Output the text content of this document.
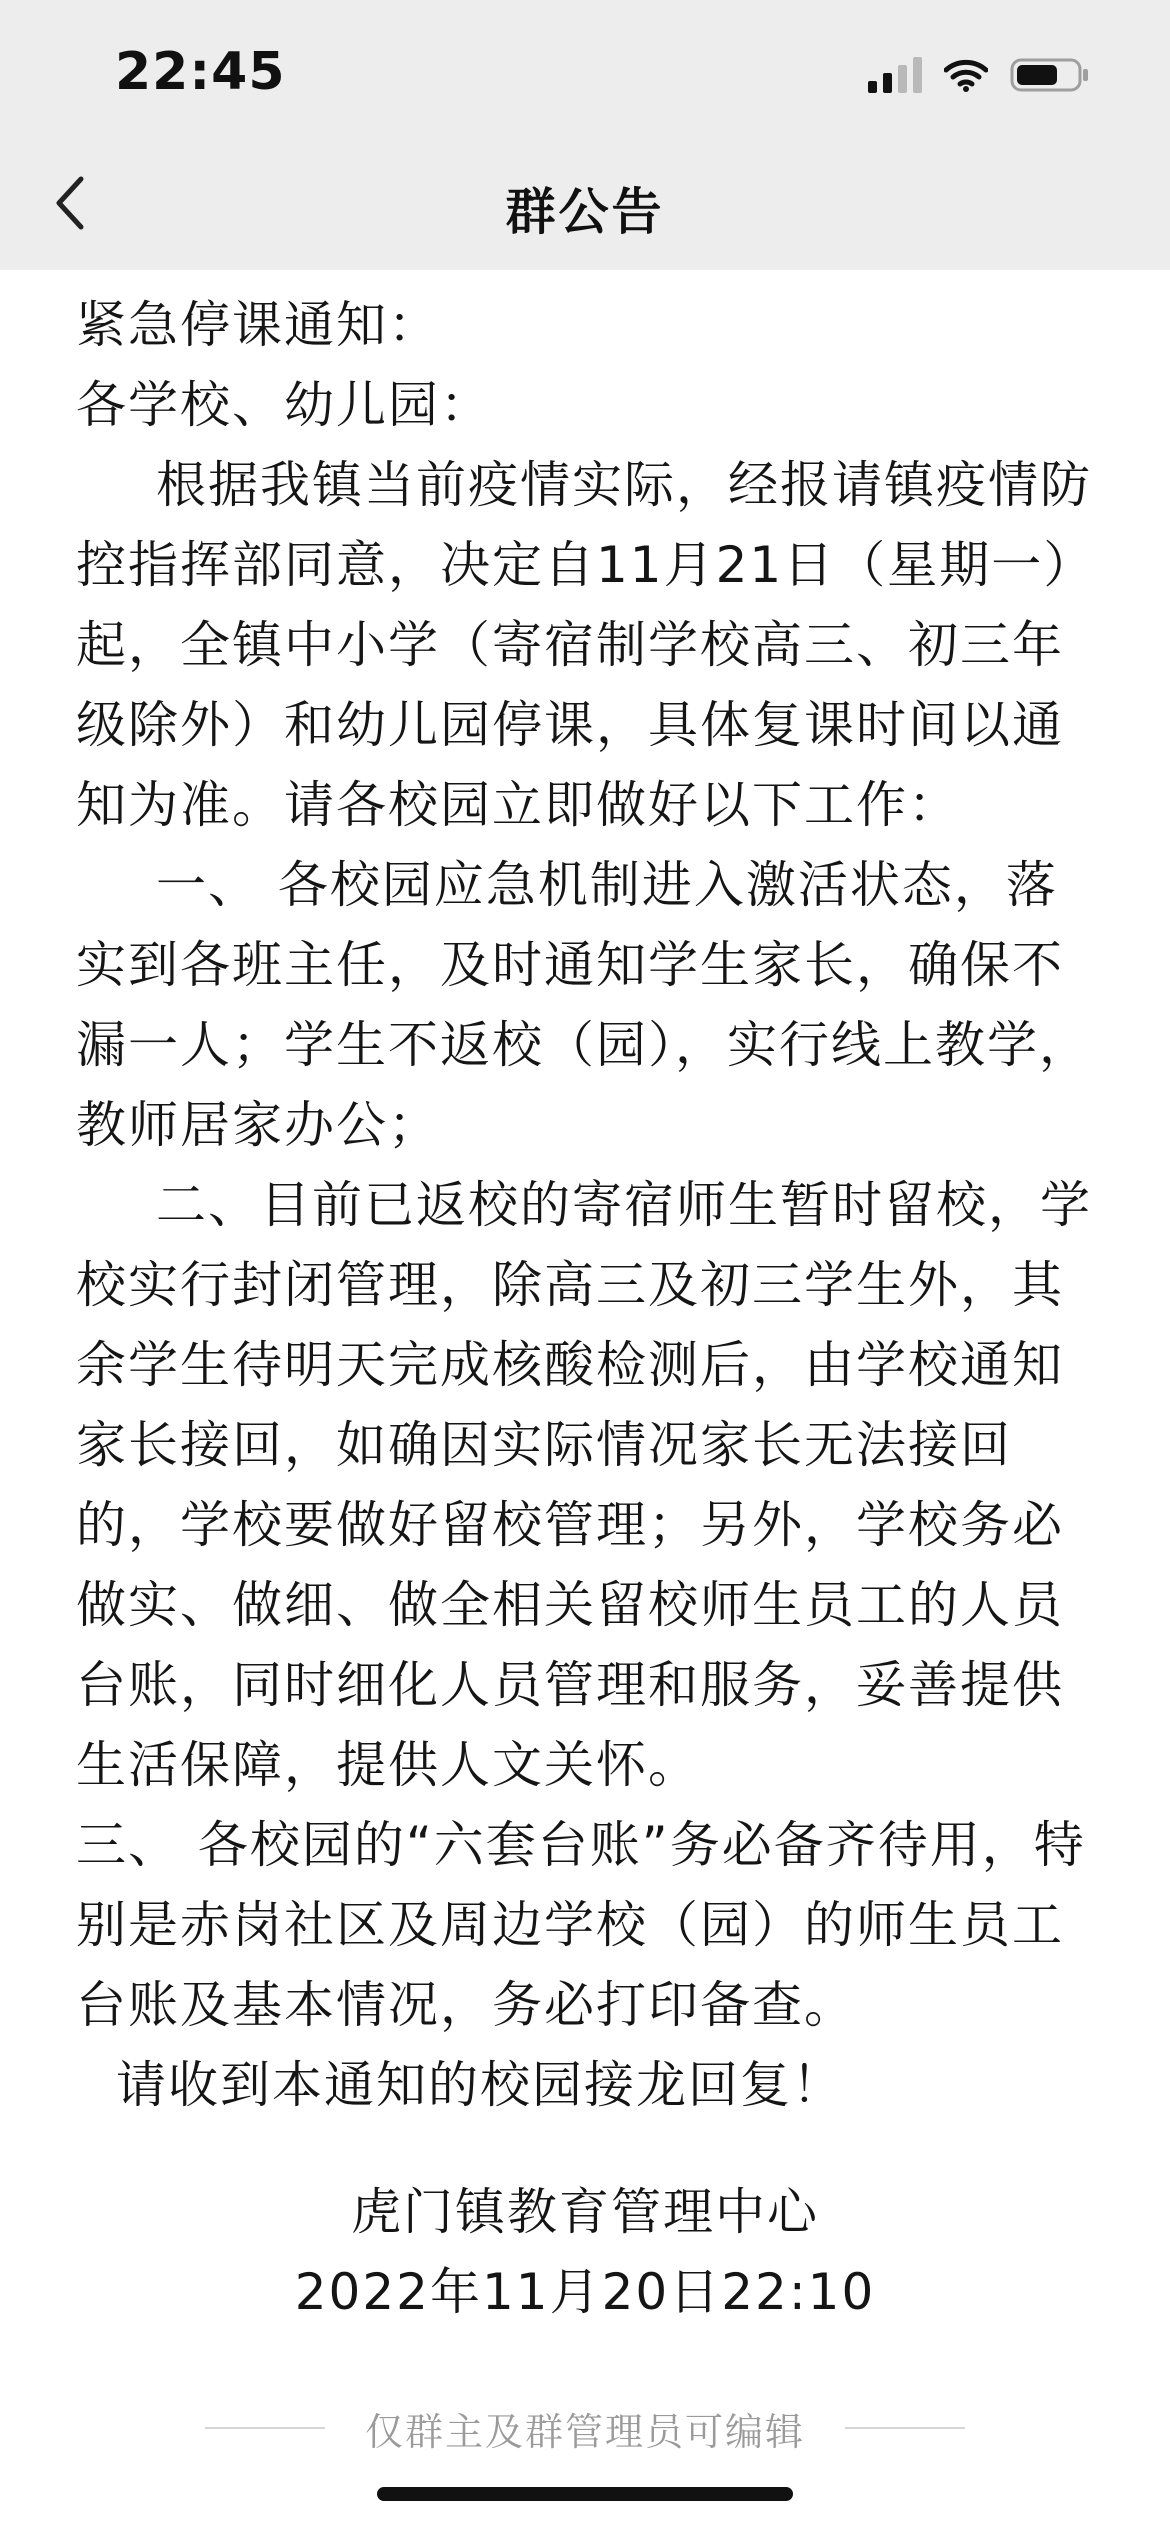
22:45
群公告

紧急停课通知：

各学校、幼儿园：

根据我镇当前疫情实际，经报请镇疫情防控指挥部同意，决定自11月21日（星期一）起，全镇中小学（寄宿制学校高三、初三年级除外）和幼儿园停课，具体复课时间以通知为准。请各校园立即做好以下工作：

一、 各校园应急机制进入激活状态，落实到各班主任，及时通知学生家长，确保不漏一人；学生不返校（园），实行线上教学，教师居家办公；

二、目前已返校的寄宿师生暂时留校，学校实行封闭管理，除高三及初三学生外，其余学生待明天完成核酸检测后，由学校通知家长接回，如确因实际情况家长无法接回的，学校要做好留校管理；另外，学校务必做实、做细、做全相关留校师生员工的人员台账，同时细化人员管理和服务，妥善提供生活保障，提供人文关怀。

三、 各校园的“六套台账”务必备齐待用，特别是赤岗社区及周边学校（园）的师生员工台账及基本情况，务必打印备查。

请收到本通知的校园接龙回复！

虎门镇教育管理中心
2022年11月20日22:10
仅群主及群管理员可编辑
